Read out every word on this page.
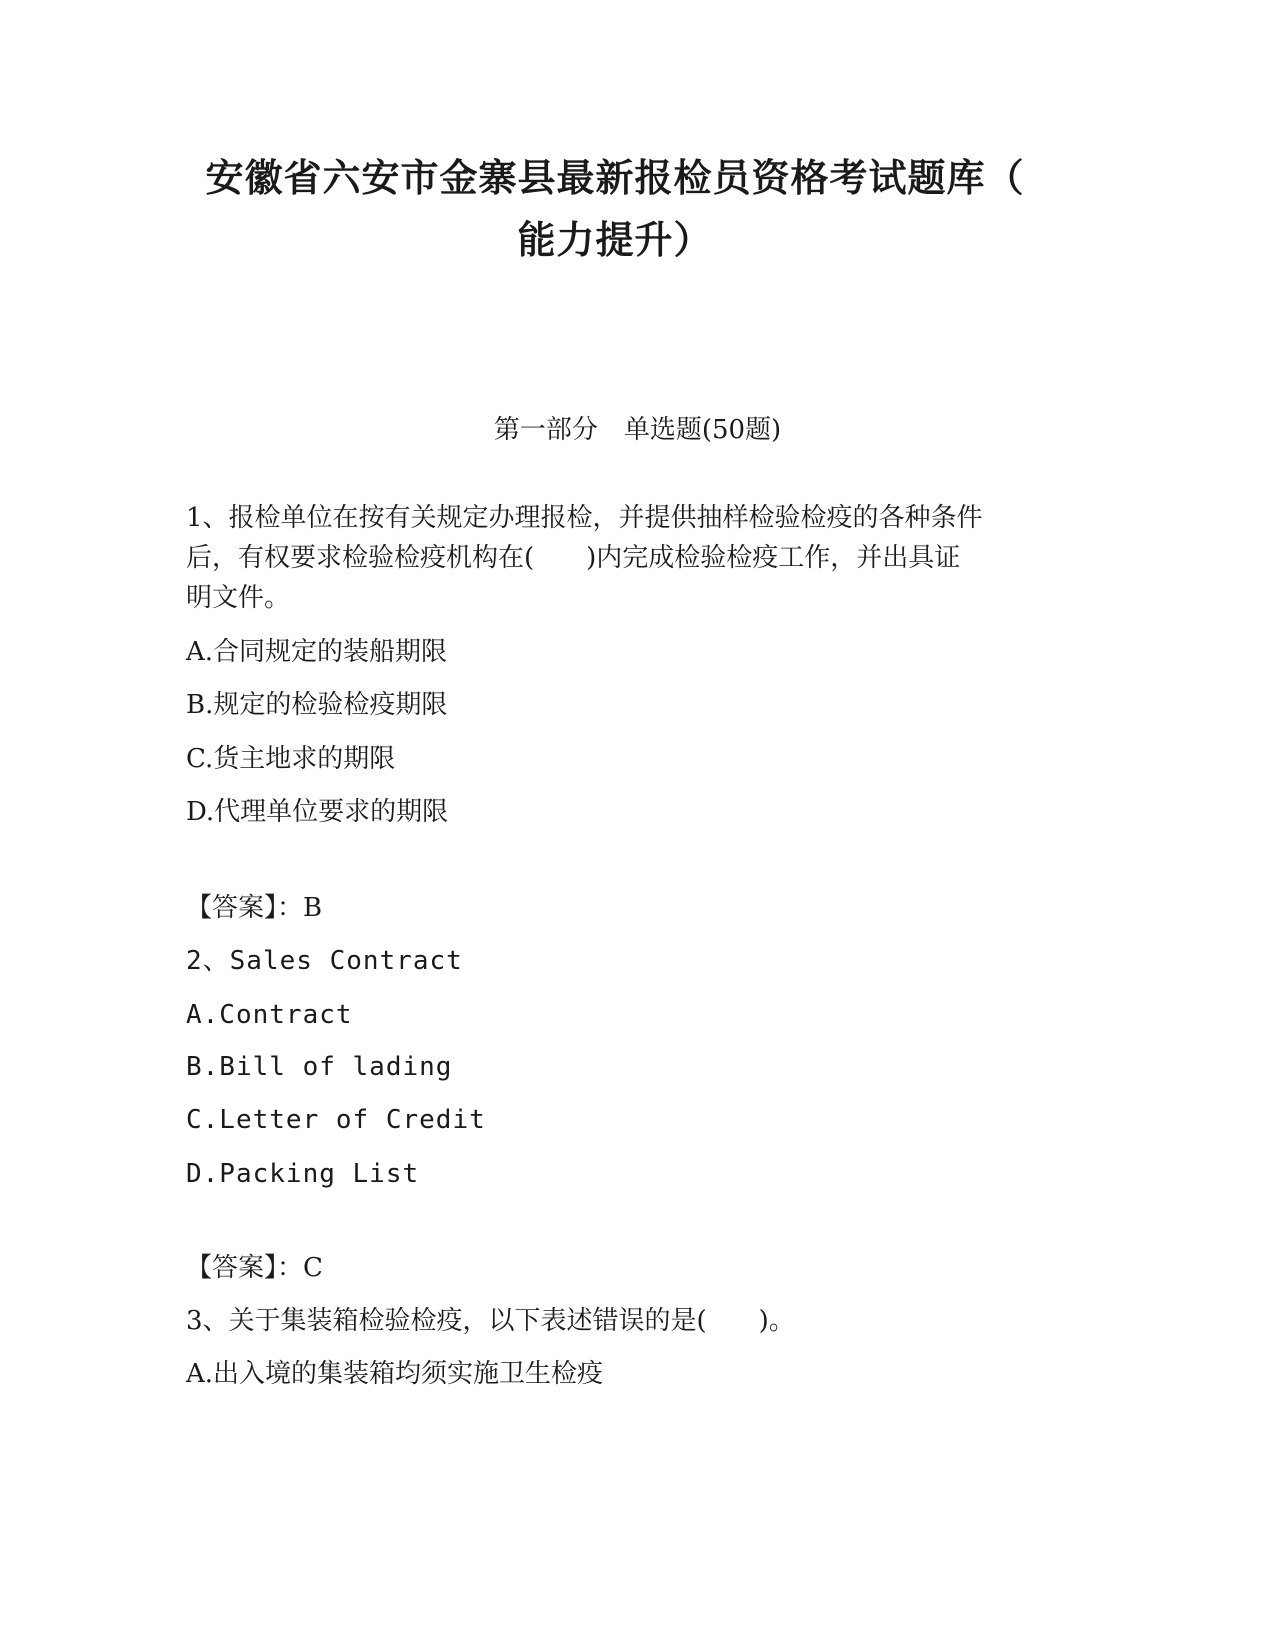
安徽省六安市金寨县最新报检员资格考试题库（
能力提升）
第一部分　单选题(50题)
1、报检单位在按有关规定办理报检，并提供抽样检验检疫的各种条件
后，有权要求检验检疫机构在(　　)内完成检验检疫工作，并出具证
明文件。
A.合同规定的装船期限
B.规定的检验检疫期限
C.货主地求的期限
D.代理单位要求的期限
【答案】：B
2、Sales Contract
A.Contract
B.Bill of lading
C.Letter of Credit
D.Packing List
【答案】：C
3、关于集装箱检验检疫，以下表述错误的是(　　)。
A.出入境的集装箱均须实施卫生检疫
